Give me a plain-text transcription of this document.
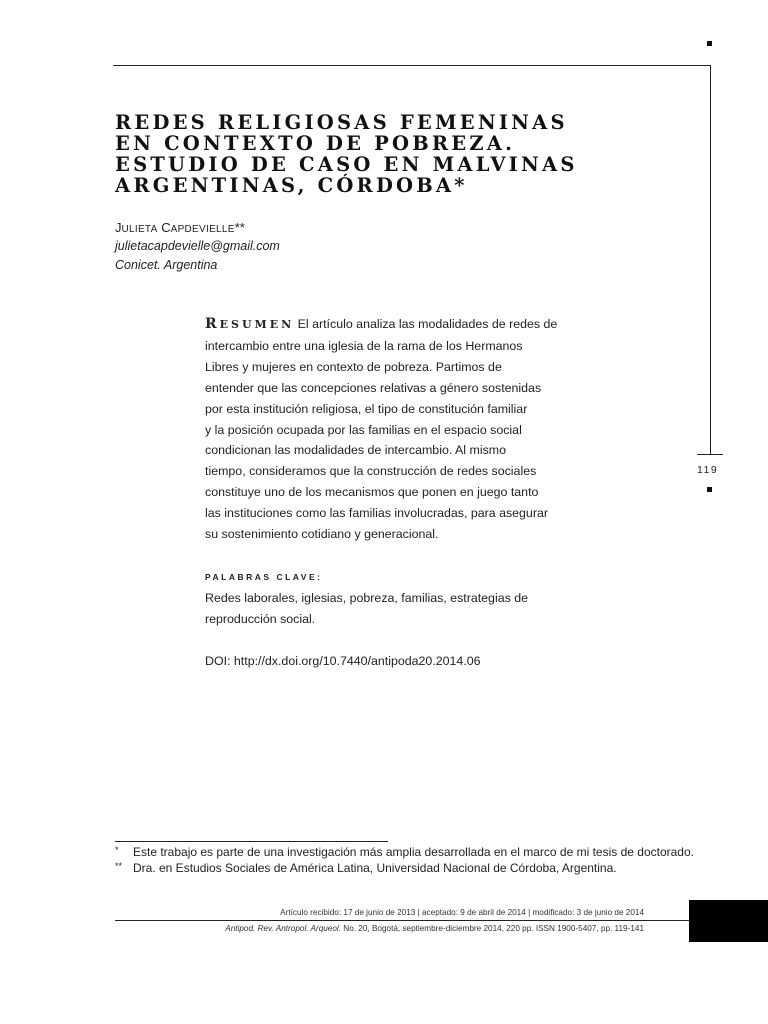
119
REDES RELIGIOSAS FEMENINAS
EN CONTEXTO DE POBREZA.
ESTUDIO DE CASO EN MALVINAS
ARGENTINAS, CÓRDOBA*
JULIETA CAPDEVIELLE**
julietacapdevielle@gmail.com
Conicet. Argentina
RESUMEN El artículo analiza las modalidades de redes de
intercambio entre una iglesia de la rama de los Hermanos
Libres y mujeres en contexto de pobreza. Partimos de
entender que las concepciones relativas a género sostenidas
por esta institución religiosa, el tipo de constitución familiar
y la posición ocupada por las familias en el espacio social
condicionan las modalidades de intercambio. Al mismo
tiempo, consideramos que la construcción de redes sociales
constituye uno de los mecanismos que ponen en juego tanto
las instituciones como las familias involucradas, para asegurar
su sostenimiento cotidiano y generacional.
PALABRAS CLAVE:
Redes laborales, iglesias, pobreza, familias, estrategias de
reproducción social.
DOI: http://dx.doi.org/10.7440/antipoda20.2014.06
* Este trabajo es parte de una investigación más amplia desarrollada en el marco de mi tesis de doctorado.
** Dra. en Estudios Sociales de América Latina, Universidad Nacional de Córdoba, Argentina.
Artículo recibido: 17 de junio de 2013 | aceptado: 9 de abril de 2014 | modificado: 3 de junio de 2014
Antipod. Rev. Antropol. Arqueol. No. 20, Bogotá, septiembre-diciembre 2014, 220 pp. ISSN 1900-5407, pp. 119-141
